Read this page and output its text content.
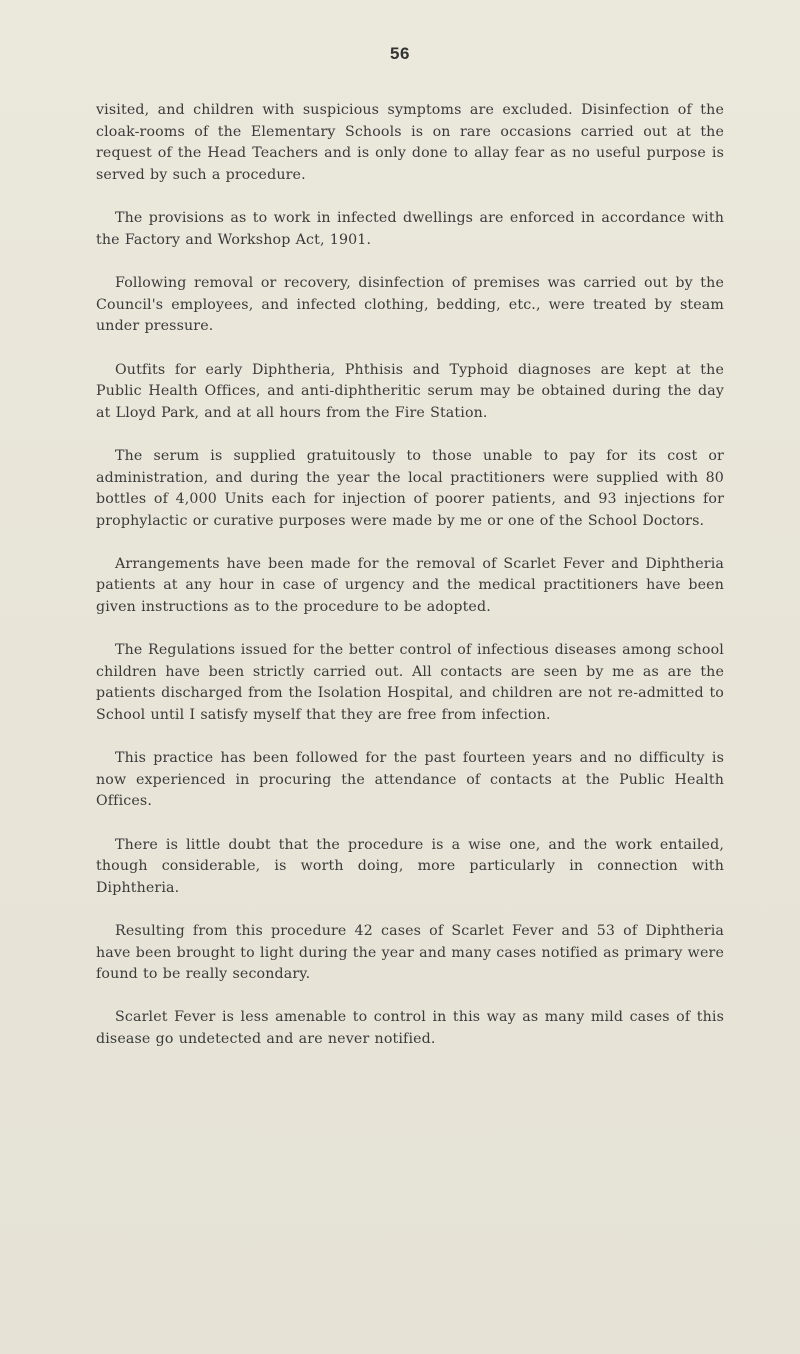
56

visited, and children with suspicious symptoms are excluded. Disinfection of the cloak-rooms of the Elementary Schools is on rare occasions carried out at the request of the Head Teachers and is only done to allay fear as no useful purpose is served by such a procedure.

The provisions as to work in infected dwellings are enforced in accordance with the Factory and Workshop Act, 1901.

Following removal or recovery, disinfection of premises was carried out by the Council's employees, and infected clothing, bedding, etc., were treated by steam under pressure.

Outfits for early Diphtheria, Phthisis and Typhoid diagnoses are kept at the Public Health Offices, and anti-diphtheritic serum may be obtained during the day at Lloyd Park, and at all hours from the Fire Station.

The serum is supplied gratuitously to those unable to pay for its cost or administration, and during the year the local practitioners were supplied with 80 bottles of 4,000 Units each for injection of poorer patients, and 93 injections for prophylactic or curative purposes were made by me or one of the School Doctors.

Arrangements have been made for the removal of Scarlet Fever and Diphtheria patients at any hour in case of urgency and the medical practitioners have been given instructions as to the procedure to be adopted.

The Regulations issued for the better control of infectious diseases among school children have been strictly carried out. All contacts are seen by me as are the patients discharged from the Isolation Hospital, and children are not re-admitted to School until I satisfy myself that they are free from infection.

This practice has been followed for the past fourteen years and no difficulty is now experienced in procuring the attendance of contacts at the Public Health Offices.

There is little doubt that the procedure is a wise one, and the work entailed, though considerable, is worth doing, more particularly in connection with Diphtheria.

Resulting from this procedure 42 cases of Scarlet Fever and 53 of Diphtheria have been brought to light during the year and many cases notified as primary were found to be really secondary.

Scarlet Fever is less amenable to control in this way as many mild cases of this disease go undetected and are never notified.
